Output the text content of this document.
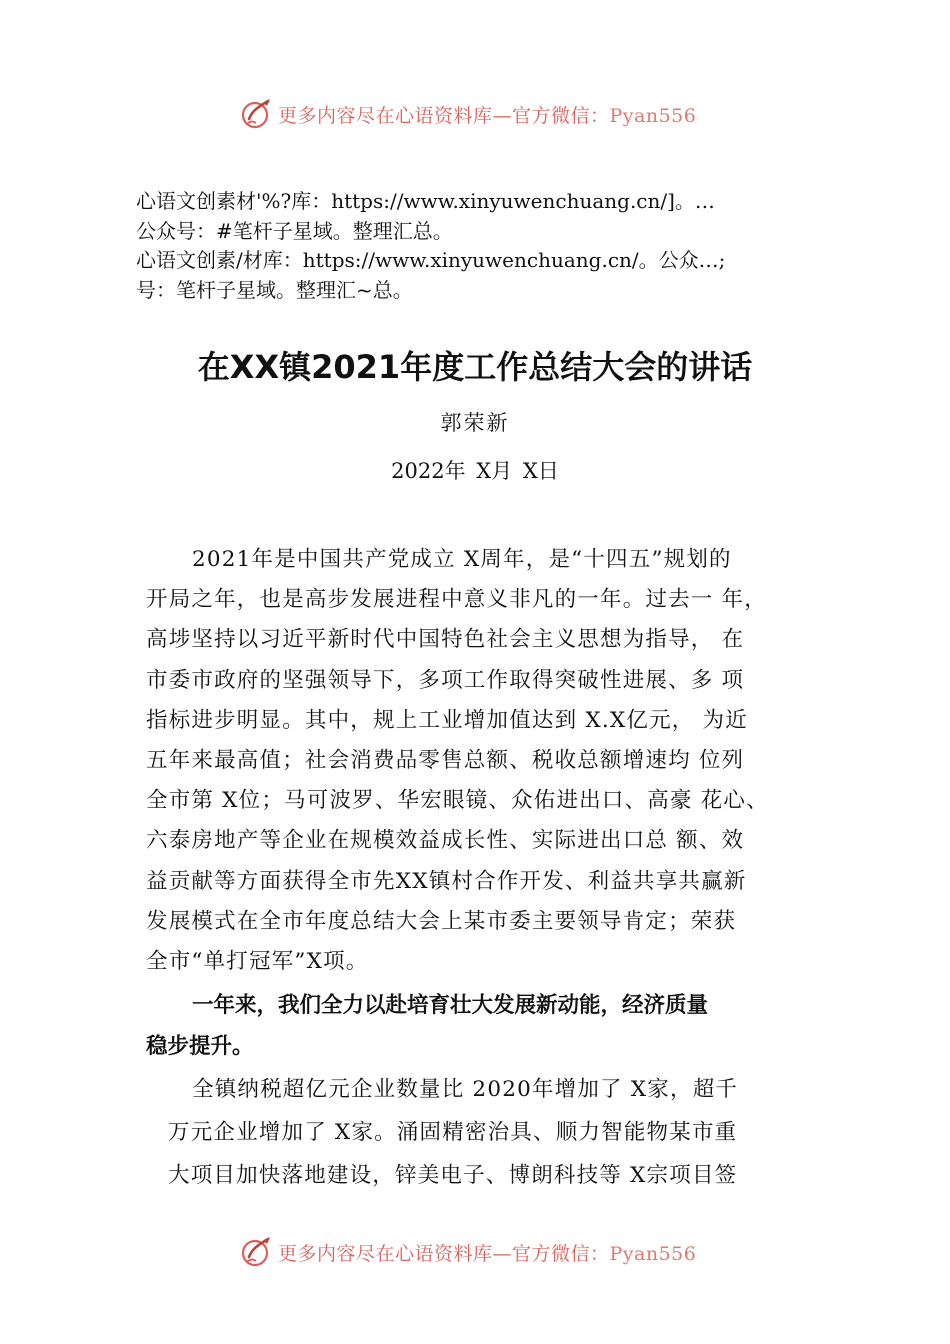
更多内容尽在心语资料库—官方微信：Pyan556
心语文创素材'%?库：https://www.xinyuwenchuang.cn/]。…
公众号：#笔杆子星域。整理汇总。
心语文创素/材库：https://www.xinyuwenchuang.cn/。公众…;
号：笔杆子星域。整理汇~总。
在XX镇2021年度工作总结大会的讲话
郭荣新
2022年 X月 X日
2021年是中国共产党成立 X周年，是“十四五”规划的
开局之年，也是高步发展进程中意义非凡的一年。过去一 年，
高埗坚持以习近平新时代中国特色社会主义思想为指导， 在
市委市政府的坚强领导下，多项工作取得突破性进展、多 项
指标进步明显。其中，规上工业增加值达到 X.X亿元， 为近
五年来最高值；社会消费品零售总额、税收总额增速均 位列
全市第 X位；马可波罗、华宏眼镜、众佑进出口、高豪 花心、
六泰房地产等企业在规模效益成长性、实际进出口总 额、效
益贡献等方面获得全市先XX镇村合作开发、利益共享共赢新
发展模式在全市年度总结大会上某市委主要领导肯定；荣获
全市“单打冠军”X项。
一年来，我们全力以赴培育壮大发展新动能，经济质量
稳步提升。
全镇纳税超亿元企业数量比 2020年增加了 X家，超千
万元企业增加了 X家。涌固精密治具、顺力智能物某市重
大项目加快落地建设，锌美电子、博朗科技等 X宗项目签
更多内容尽在心语资料库—官方微信：Pyan556
